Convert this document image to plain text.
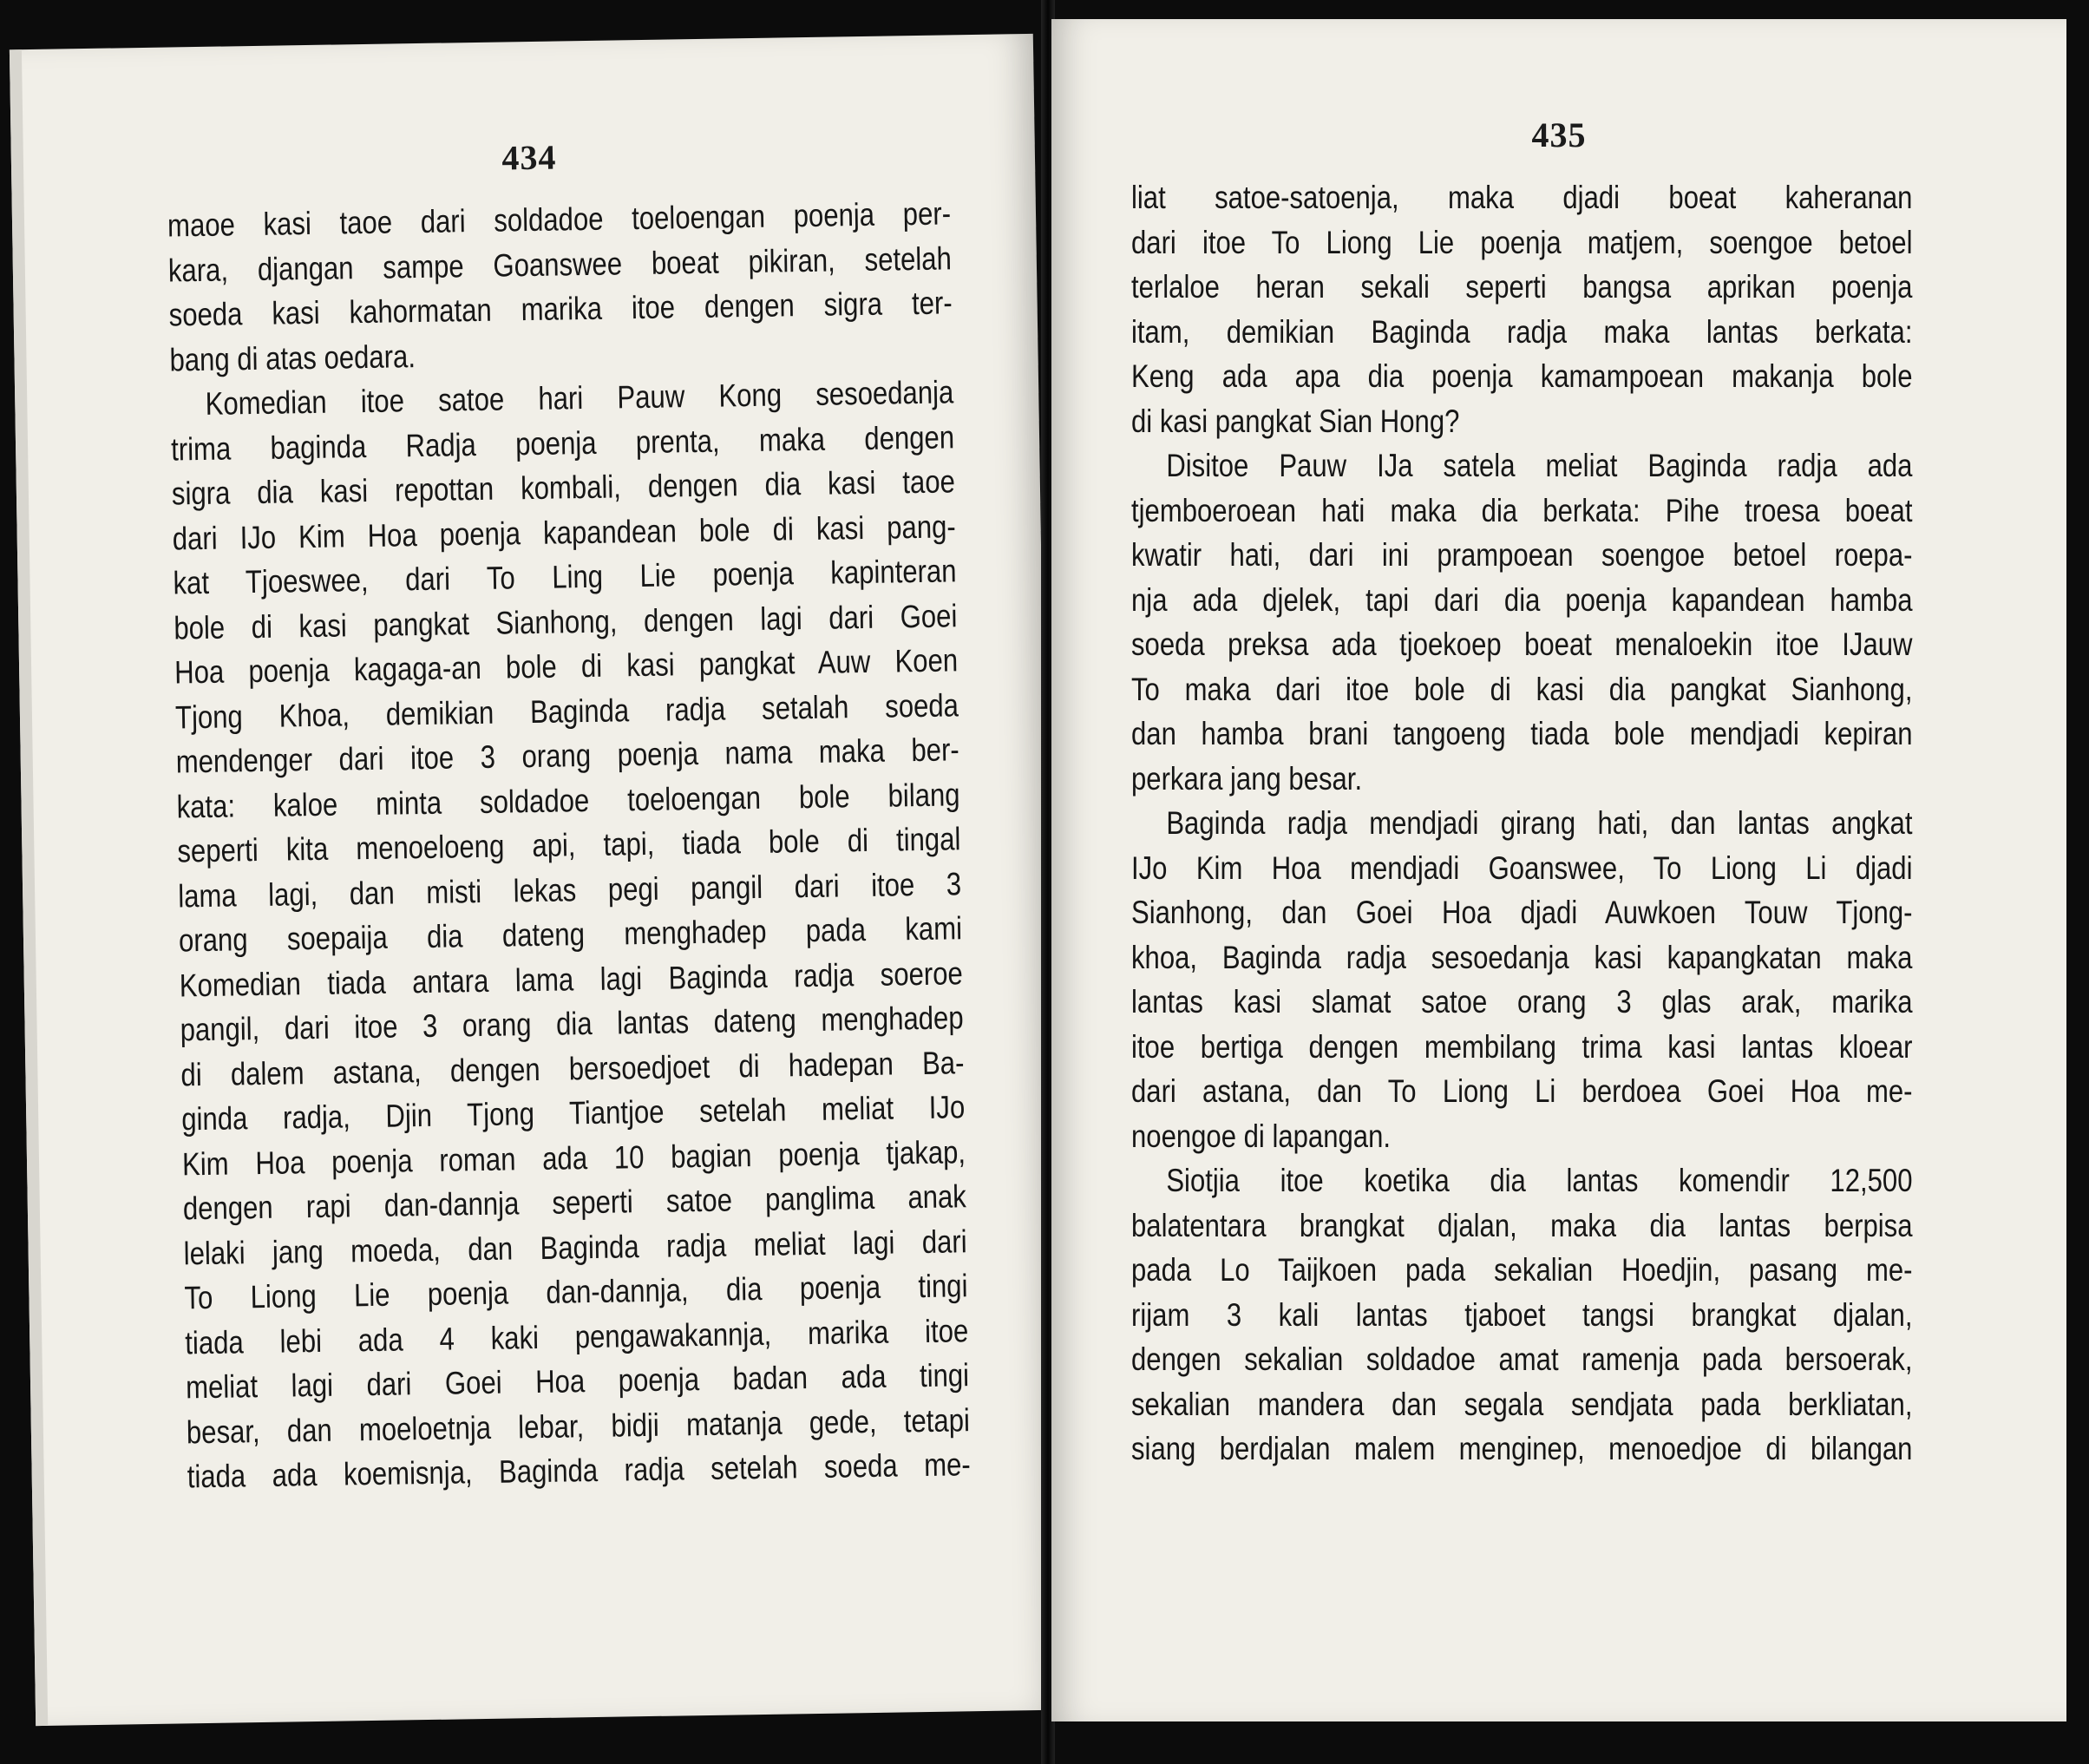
434
maoe kasi taoe dari soldadoe toeloengan poenja per-
kara, djangan sampe Goanswee boeat pikiran, setelah
soeda kasi kahormatan marika itoe dengen sigra ter-
bang di atas oedara.
Komedian itoe satoe hari Pauw Kong sesoedanja
trima baginda Radja poenja prenta, maka dengen
sigra dia kasi repottan kombali, dengen dia kasi taoe
dari IJo Kim Hoa poenja kapandean bole di kasi pang-
kat Tjoeswee, dari To Ling Lie poenja kapinteran
bole di kasi pangkat Sianhong, dengen lagi dari Goei
Hoa poenja kagaga-an bole di kasi pangkat Auw Koen
Tjong Khoa, demikian Baginda radja setalah soeda
mendenger dari itoe 3 orang poenja nama maka ber-
kata: kaloe minta soldadoe toeloengan bole bilang
seperti kita menoeloeng api, tapi, tiada bole di tingal
lama lagi, dan misti lekas pegi pangil dari itoe 3
orang soepaija dia dateng menghadep pada kami
Komedian tiada antara lama lagi Baginda radja soeroe
pangil, dari itoe 3 orang dia lantas dateng menghadep
di dalem astana, dengen bersoedjoet di hadepan Ba-
ginda radja, Djin Tjong Tiantjoe setelah meliat IJo
Kim Hoa poenja roman ada 10 bagian poenja tjakap,
dengen rapi dan-dannja seperti satoe panglima anak
lelaki jang moeda, dan Baginda radja meliat lagi dari
To Liong Lie poenja dan-dannja, dia poenja tingi
tiada lebi ada 4 kaki pengawakannja, marika itoe
meliat lagi dari Goei Hoa poenja badan ada tingi
besar, dan moeloetnja lebar, bidji matanja gede, tetapi
tiada ada koemisnja, Baginda radja setelah soeda me-
435
liat satoe-satoenja, maka djadi boeat kaheranan
dari itoe To Liong Lie poenja matjem, soengoe betoel
terlaloe heran sekali seperti bangsa aprikan poenja
itam, demikian Baginda radja maka lantas berkata:
Keng ada apa dia poenja kamampoean makanja bole
di kasi pangkat Sian Hong?
Disitoe Pauw IJa satela meliat Baginda radja ada
tjemboeroean hati maka dia berkata: Pihe troesa boeat
kwatir hati, dari ini prampoean soengoe betoel roepa-
nja ada djelek, tapi dari dia poenja kapandean hamba
soeda preksa ada tjoekoep boeat menaloekin itoe IJauw
To maka dari itoe bole di kasi dia pangkat Sianhong,
dan hamba brani tangoeng tiada bole mendjadi kepiran
perkara jang besar.
Baginda radja mendjadi girang hati, dan lantas angkat
IJo Kim Hoa mendjadi Goanswee, To Liong Li djadi
Sianhong, dan Goei Hoa djadi Auwkoen Touw Tjong-
khoa, Baginda radja sesoedanja kasi kapangkatan maka
lantas kasi slamat satoe orang 3 glas arak, marika
itoe bertiga dengen membilang trima kasi lantas kloear
dari astana, dan To Liong Li berdoea Goei Hoa me-
noengoe di lapangan.
Siotjia itoe koetika dia lantas komendir 12,500
balatentara brangkat djalan, maka dia lantas berpisa
pada Lo Taijkoen pada sekalian Hoedjin, pasang me-
rijam 3 kali lantas tjaboet tangsi brangkat djalan,
dengen sekalian soldadoe amat ramenja pada bersoerak,
sekalian mandera dan segala sendjata pada berkliatan,
siang berdjalan malem menginep, menoedjoe di bilangan
